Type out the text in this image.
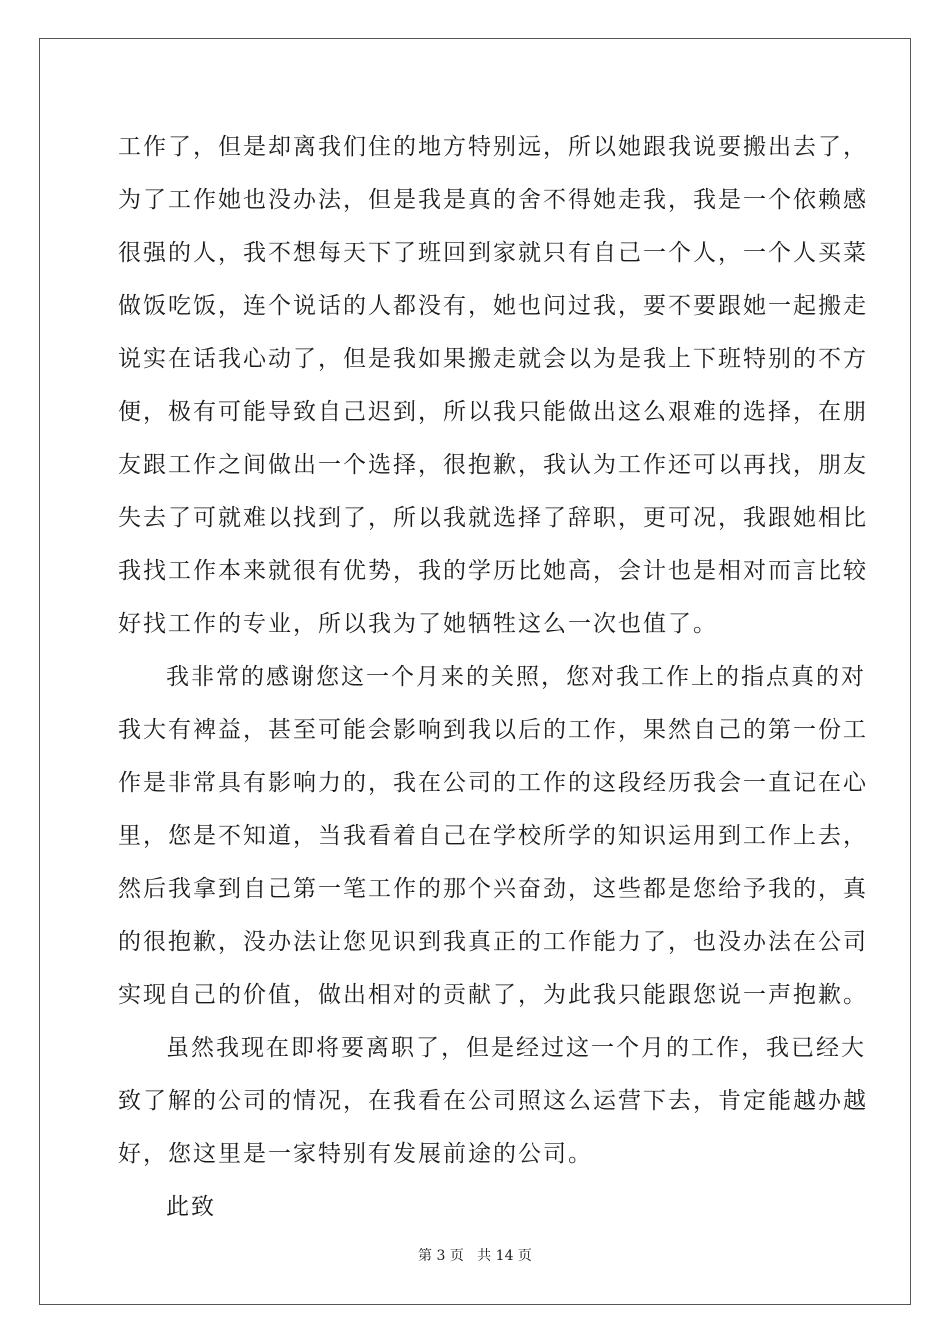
工作了，但是却离我们住的地方特别远，所以她跟我说要搬出去了，
为了工作她也没办法，但是我是真的舍不得她走我，我是一个依赖感
很强的人，我不想每天下了班回到家就只有自己一个人，一个人买菜
做饭吃饭，连个说话的人都没有，她也问过我，要不要跟她一起搬走
说实在话我心动了，但是我如果搬走就会以为是我上下班特别的不方
便，极有可能导致自己迟到，所以我只能做出这么艰难的选择，在朋
友跟工作之间做出一个选择，很抱歉，我认为工作还可以再找，朋友
失去了可就难以找到了，所以我就选择了辞职，更可况，我跟她相比
我找工作本来就很有优势，我的学历比她高，会计也是相对而言比较
好找工作的专业，所以我为了她牺牲这么一次也值了。
我非常的感谢您这一个月来的关照，您对我工作上的指点真的对
我大有裨益，甚至可能会影响到我以后的工作，果然自己的第一份工
作是非常具有影响力的，我在公司的工作的这段经历我会一直记在心
里，您是不知道，当我看着自己在学校所学的知识运用到工作上去，
然后我拿到自己第一笔工作的那个兴奋劲，这些都是您给予我的，真
的很抱歉，没办法让您见识到我真正的工作能力了，也没办法在公司
实现自己的价值，做出相对的贡献了，为此我只能跟您说一声抱歉。
虽然我现在即将要离职了，但是经过这一个月的工作，我已经大
致了解的公司的情况，在我看在公司照这么运营下去，肯定能越办越
好，您这里是一家特别有发展前途的公司。
此致
第 3 页 共 14 页
